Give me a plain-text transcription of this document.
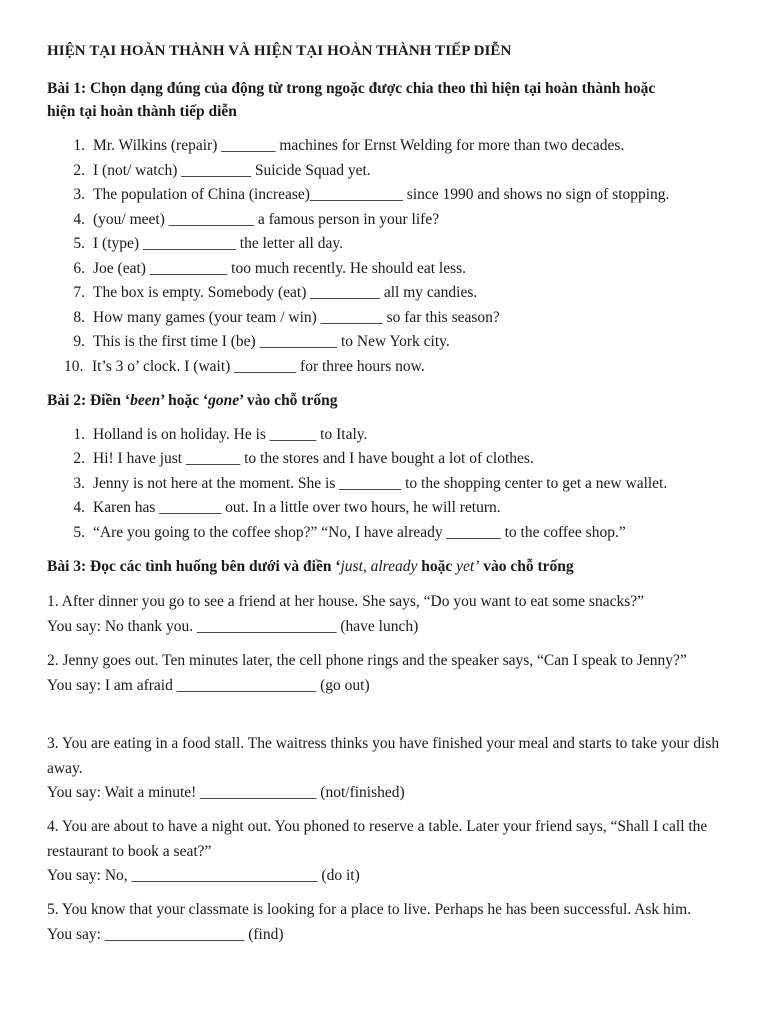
HIỆN TẠI HOÀN THÀNH VÀ HIỆN TẠI HOÀN THÀNH TIẾP DIỄN
Bài 1: Chọn dạng đúng của động từ trong ngoặc được chia theo thì hiện tại hoàn thành hoặc
hiện tại hoàn thành tiếp diễn
1. Mr. Wilkins (repair) _______ machines for Ernst Welding for more than two decades.
2. I (not/ watch) _________ Suicide Squad yet.
3. The population of China (increase)____________ since 1990 and shows no sign of stopping.
4. (you/ meet) ___________ a famous person in your life?
5. I (type) ____________ the letter all day.
6. Joe (eat) __________ too much recently. He should eat less.
7. The box is empty. Somebody (eat) _________ all my candies.
8. How many games (your team / win) ________ so far this season?
9. This is the first time I (be) __________ to New York city.
10. It’s 3 o’ clock. I (wait) ________ for three hours now.
Bài 2: Điền ‘been’ hoặc ‘gone’ vào chỗ trống
1. Holland is on holiday. He is ______ to Italy.
2. Hi! I have just _______ to the stores and I have bought a lot of clothes.
3. Jenny is not here at the moment. She is ________ to the shopping center to get a new wallet.
4. Karen has ________ out. In a little over two hours, he will return.
5. “Are you going to the coffee shop?” “No, I have already _______ to the coffee shop.”
Bài 3: Đọc các tình huống bên dưới và điền ‘just, already hoặc yet’ vào chỗ trống

1. After dinner you go to see a friend at her house. She says, “Do you want to eat some snacks?”

You say: No thank you. __________________ (have lunch)

2. Jenny goes out. Ten minutes later, the cell phone rings and the speaker says, “Can I speak to Jenny?”

You say: I am afraid __________________ (go out)

3. You are eating in a food stall. The waitress thinks you have finished your meal and starts to take your dish away.

You say: Wait a minute! _______________ (not/finished)

4. You are about to have a night out. You phoned to reserve a table. Later your friend says, “Shall I call the restaurant to book a seat?”

You say: No, ________________________ (do it)

5. You know that your classmate is looking for a place to live. Perhaps he has been successful. Ask him.

You say: __________________ (find)
